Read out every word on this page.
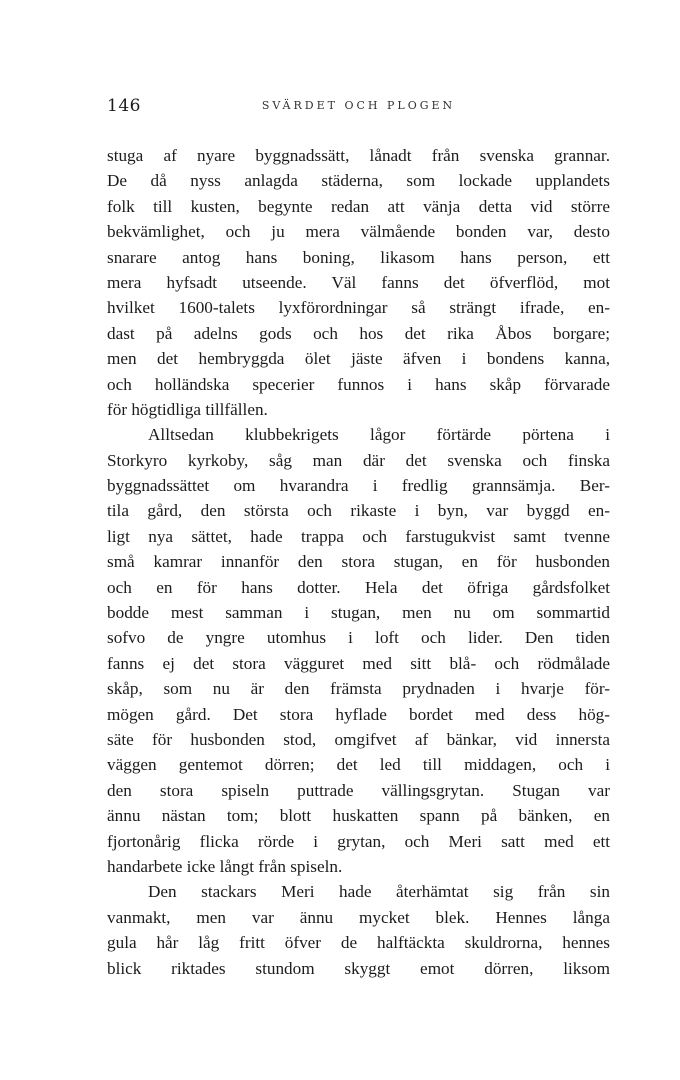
146	SVÄRDET OCH PLOGEN
stuga af nyare byggnadssätt, lånadt från svenska grannar.
De då nyss anlagda städerna, som lockade upplandets
folk till kusten, begynte redan att vänja detta vid större
bekvämlighet, och ju mera välmående bonden var, desto
snarare antog hans boning, likasom hans person, ett
mera hyfsadt utseende. Väl fanns det öfverflöd, mot
hvilket 1600-talets lyxförordningar så strängt ifrade, en-
dast på adelns gods och hos det rika Åbos borgare;
men det hembryggda ölet jäste äfven i bondens kanna,
och holländska specerier funnos i hans skåp förvarade
för högtidliga tillfällen.
Alltsedan klubbekrigets lågor förtärde pörtena i
Storkyro kyrkoby, såg man där det svenska och finska
byggnadssättet om hvarandra i fredlig grannsämja. Ber-
tila gård, den största och rikaste i byn, var byggd en-
ligt nya sättet, hade trappa och farstugukvist samt tvenne
små kamrar innanför den stora stugan, en för husbonden
och en för hans dotter. Hela det öfriga gårdsfolket
bodde mest samman i stugan, men nu om sommartid
sofvo de yngre utomhus i loft och lider. Den tiden
fanns ej det stora vägguret med sitt blå- och rödmålade
skåp, som nu är den främsta prydnaden i hvarje för-
mögen gård. Det stora hyflade bordet med dess hög-
säte för husbonden stod, omgifvet af bänkar, vid innersta
väggen gentemot dörren; det led till middagen, och i
den stora spiseln puttrade vällingsgrytan. Stugan var
ännu nästan tom; blott huskatten spann på bänken, en
fjortonårig flicka rörde i grytan, och Meri satt med ett
handarbete icke långt från spiseln.
Den stackars Meri hade återhämtat sig från sin
vanmakt, men var ännu mycket blek. Hennes långa
gula hår låg fritt öfver de halftäckta skuldrorna, hennes
blick riktades stundom skyggt emot dörren, liksom
